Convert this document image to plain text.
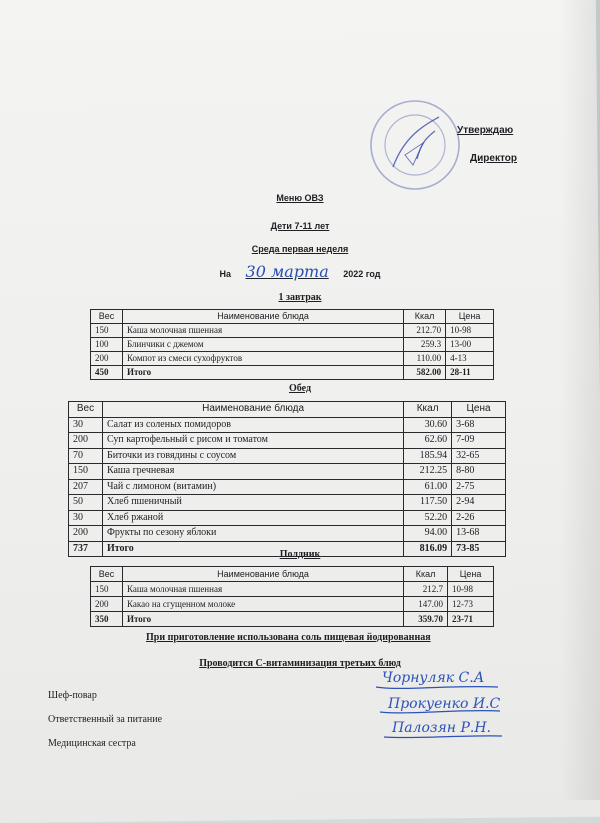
Утверждаю
Директор
Меню ОВЗ
Дети 7-11 лет
Среда первая неделя
На 30 марта 2022 год
1 завтрак
Вес	Наименование блюда	Ккал	Цена
150	Каша молочная пшенная	212.70	10-98
100	Блинчики с джемом	259.3	13-00
200	Компот из смеси сухофруктов	110.00	4-13
450	Итого	582.00	28-11
Обед
Вес	Наименование блюда	Ккал	Цена
30	Салат из соленых помидоров	30.60	3-68
200	Суп картофельный с рисом и томатом	62.60	7-09
70	Биточки из говядины с соусом	185.94	32-65
150	Каша гречневая	212.25	8-80
207	Чай с лимоном (витамин)	61.00	2-75
50	Хлеб пшеничный	117.50	2-94
30	Хлеб ржаной	52.20	2-26
200	Фрукты по сезону яблоки	94.00	13-68
737	Итого	816.09	73-85
Полдник
Вес	Наименование блюда	Ккал	Цена
150	Каша молочная пшенная	212.7	10-98
200	Какао на сгущенном молоке	147.00	12-73
350	Итого	359.70	23-71
При приготовление использована соль пищевая йодированная
Проводится С-витаминизация третьих блюд
Шеф-повар
Ответственный за питание
Медицинская сестра
Чорнуляк С.А
Прокуенко И.С
Палозян Р.Н.
